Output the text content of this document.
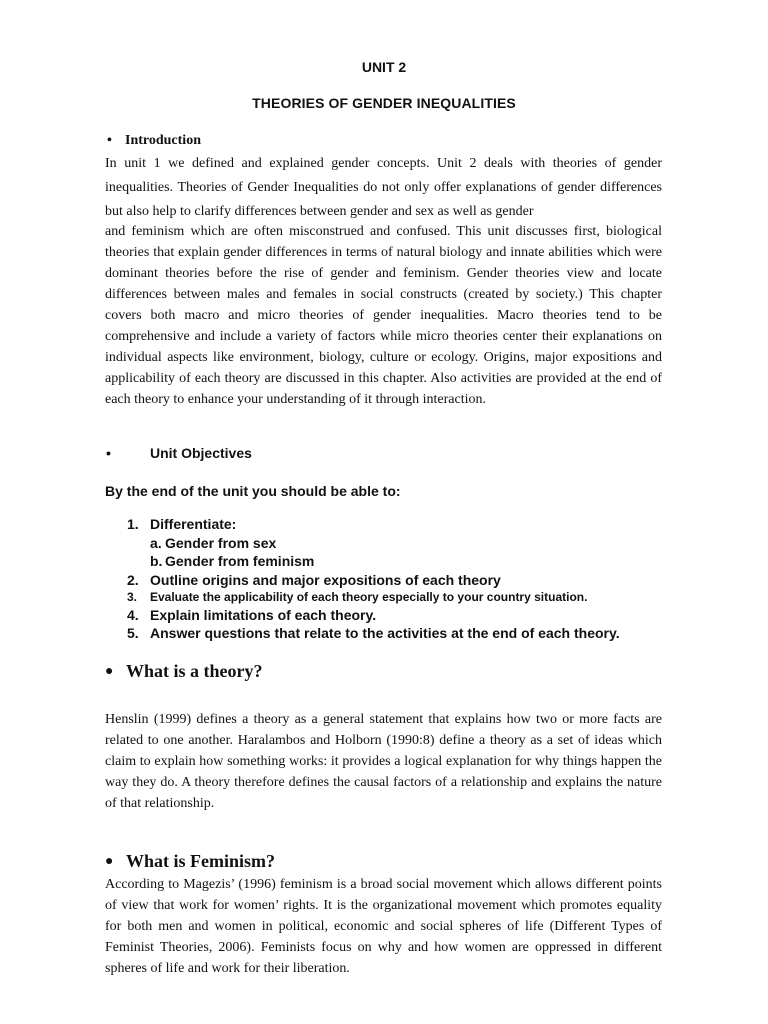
UNIT 2
THEORIES OF GENDER INEQUALITIES
• Introduction

In unit 1 we defined and explained gender concepts. Unit 2 deals with theories of gender inequalities. Theories of Gender Inequalities do not only offer explanations of gender differences but also help to clarify differences between gender and sex as well as gender

and feminism which are often misconstrued and confused. This unit discusses first, biological theories that explain gender differences in terms of natural biology and innate abilities which were dominant theories before the rise of gender and feminism. Gender theories view and locate differences between males and females in social constructs (created by society.) This chapter covers both macro and micro theories of gender inequalities. Macro theories tend to be comprehensive and include a variety of factors while micro theories center their explanations on individual aspects like environment, biology, culture or ecology. Origins, major expositions and applicability of each theory are discussed in this chapter. Also activities are provided at the end of each theory to enhance your understanding of it through interaction.

•	Unit Objectives
By the end of the unit you should be able to:
1. Differentiate:
a. Gender from sex
b. Gender from feminism
2. Outline origins and major expositions of each theory
3. Evaluate the applicability of each theory especially to your country situation.
4. Explain limitations of each theory.
5. Answer questions that relate to the activities at the end of each theory.
● What is a theory?

Henslin (1999) defines a theory as a general statement that explains how two or more facts are related to one another. Haralambos and Holborn (1990:8) define a theory as a set of ideas which claim to explain how something works: it provides a logical explanation for why things happen the way they do. A theory therefore defines the causal factors of a relationship and explains the nature of that relationship.

● What is Feminism?

According to Magezis’ (1996) feminism is a broad social movement which allows different points of view that work for women’ rights. It is the organizational movement which promotes equality for both men and women in political, economic and social spheres of life (Different Types of Feminist Theories, 2006). Feminists focus on why and how women are oppressed in different spheres of life and work for their liberation.
